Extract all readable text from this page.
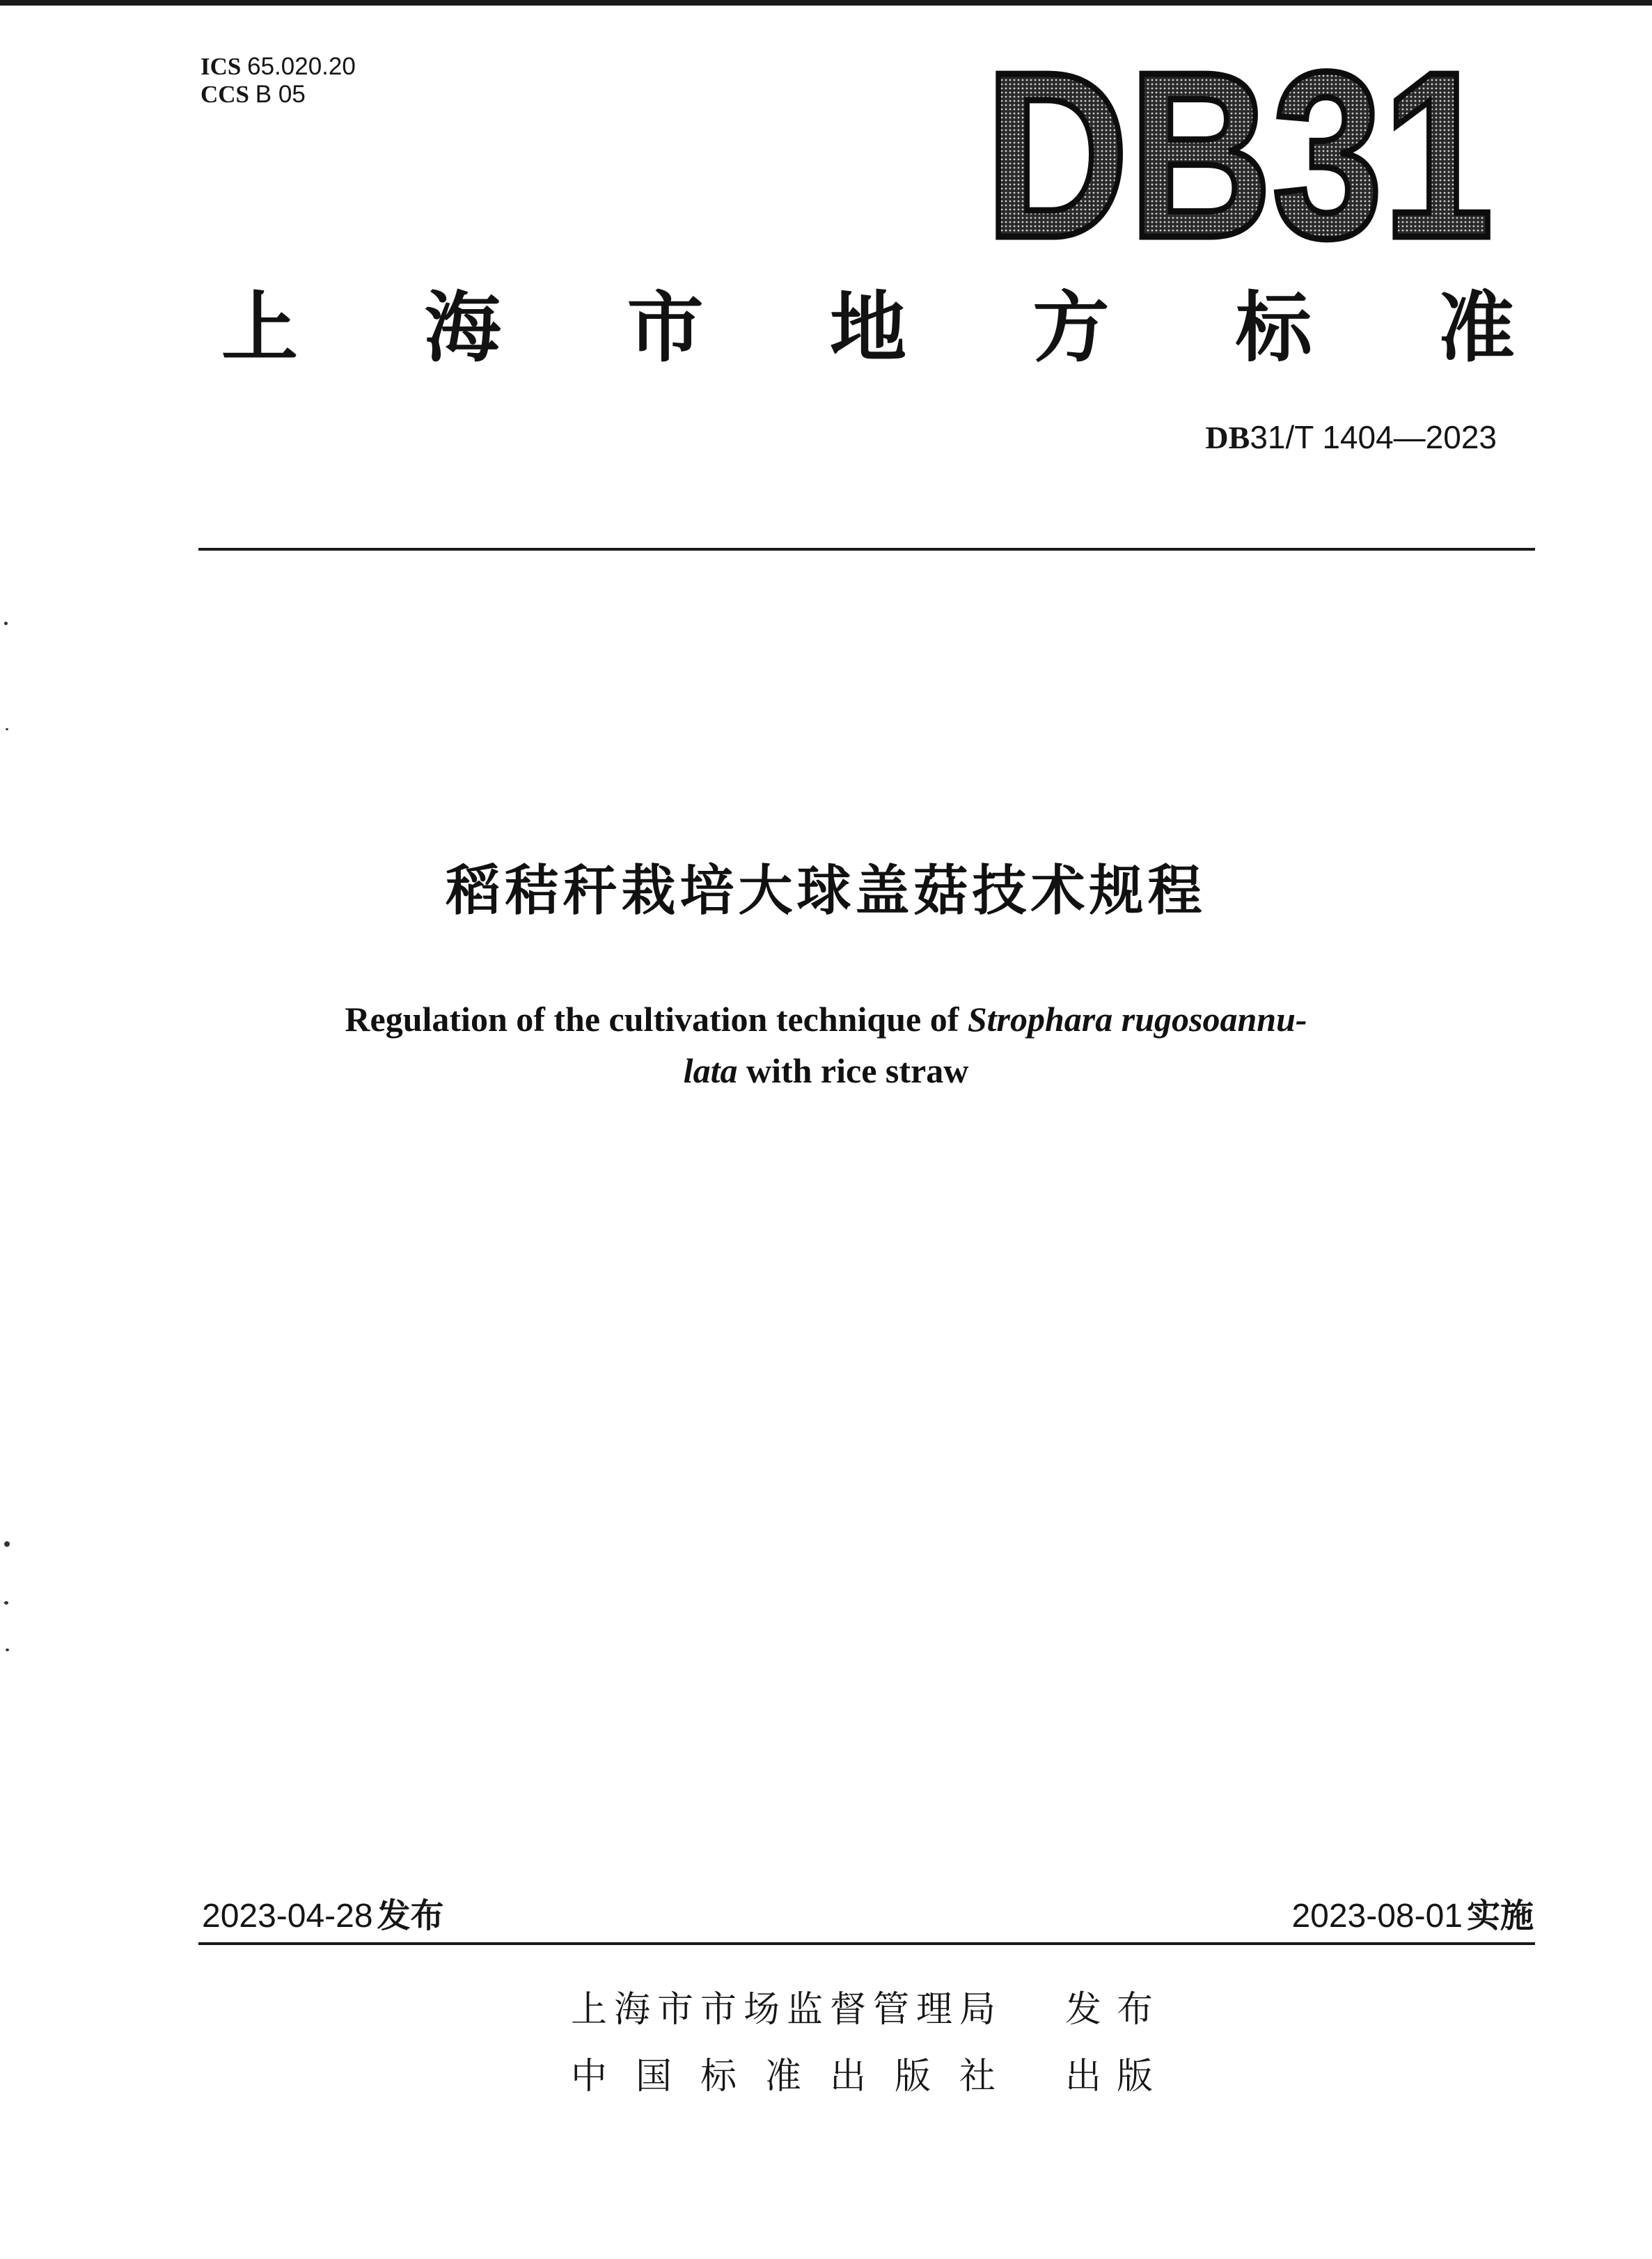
ICS 65.020.20
CCS B 05	DB31
上 海 市 地 方 标 准
DB31/T 1404—2023
稻秸秆栽培大球盖菇技术规程
Regulation of the cultivation technique of Stropharа rugosoannu-
lata with rice straw
2023-04-28 发布	2023-08-01 实施
上海市市场监督管理局 发布
中国标准出版社 出版
